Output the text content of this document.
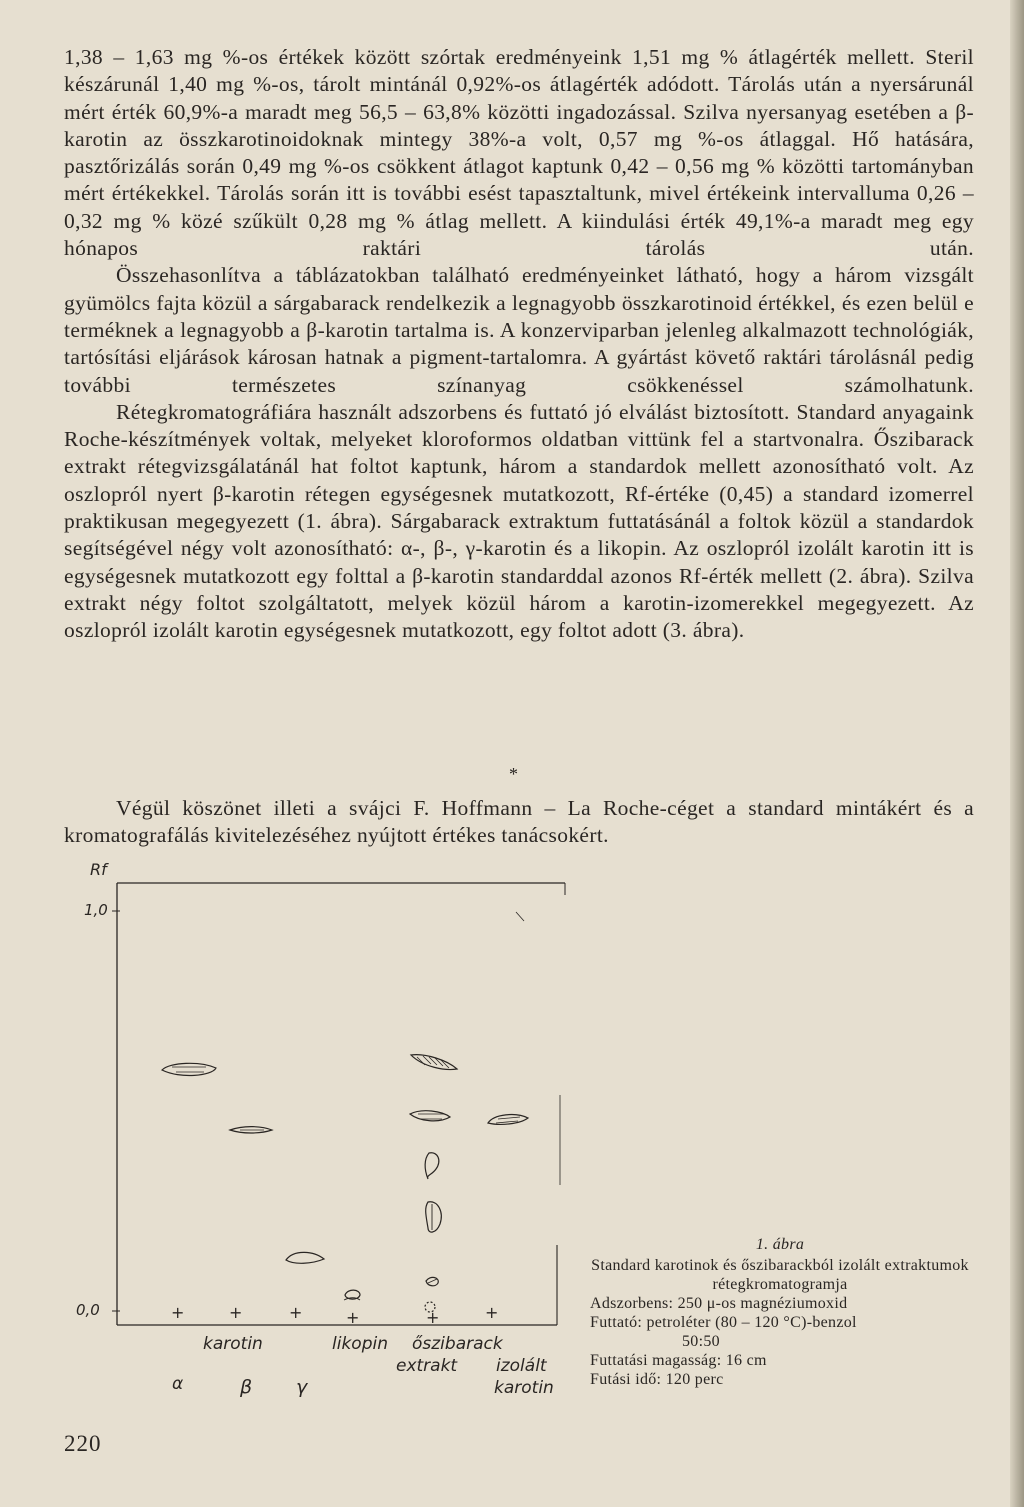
1,38 – 1,63 mg %-os értékek között szórtak eredményeink 1,51 mg % átlagérték mellett. Steril készárunál 1,40 mg %-os, tárolt mintánál 0,92%-os átlagérték adódott. Tárolás után a nyersárunál mért érték 60,9%-a maradt meg 56,5 – 63,8% közötti ingadozással. Szilva nyersanyag esetében a β-karotin az összkarotinoidoknak mintegy 38%-a volt, 0,57 mg %-os átlaggal. Hő hatására, pasztőrizálás során 0,49 mg %-os csökkent átlagot kaptunk 0,42 – 0,56 mg % közötti tartományban mért értékekkel. Tárolás során itt is további esést tapasztaltunk, mivel értékeink intervalluma 0,26 – 0,32 mg % közé szűkült 0,28 mg % átlag mellett. A kiindulási érték 49,1%-a maradt meg egy hónapos raktári tárolás után.

Összehasonlítva a táblázatokban található eredményeinket látható, hogy a három vizsgált gyümölcs fajta közül a sárgabarack rendelkezik a legnagyobb összkarotinoid értékkel, és ezen belül e terméknek a legnagyobb a β-karotin tartalma is. A konzerviparban jelenleg alkalmazott technológiák, tartósítási eljárások károsan hatnak a pigment-tartalomra. A gyártást követő raktári tárolásnál pedig további természetes színanyag csökkenéssel számolhatunk.

Rétegkromatográfiára használt adszorbens és futtató jó elválást biztosított. Standard anyagaink Roche-készítmények voltak, melyeket kloroformos oldatban vittünk fel a startvonalra. Őszibarack extrakt rétegvizsgálatánál hat foltot kaptunk, három a standardok mellett azonosítható volt. Az oszlopról nyert β-karotin rétegen egységesnek mutatkozott, Rf-értéke (0,45) a standard izomerrel praktikusan megegyezett (1. ábra). Sárgabarack extraktum futtatásánál a foltok közül a standardok segítségével négy volt azonosítható: α-, β-, γ-karotin és a likopin. Az oszlopról izolált karotin itt is egységesnek mutatkozott egy folttal a β-karotin standarddal azonos Rf-érték mellett (2. ábra). Szilva extrakt négy foltot szolgáltatott, melyek közül három a karotin-izomerekkel megegyezett. Az oszlopról izolált karotin egységesnek mutatkozott, egy foltot adott (3. ábra).

*

Végül köszönet illeti a svájci F. Hoffmann – La Roche-céget a standard mintákért és a kromatografálás kivitelezéséhez nyújtott értékes tanácsokért.

Rf
1,0
0,0	+	+	+	+	+	+
karotin	likopin őszibarack
extrakt izolált
karotin
α	β γ

1. ábra

Standard karotinok és őszibarackból izolált extraktumok rétegkromatogramja

Adszorbens: 250 μ-os magnéziumoxid

Futtató: petroléter (80 – 120 °C)-benzol

50:50

Futtatási magasság: 16 cm

Futási idő: 120 perc

220
